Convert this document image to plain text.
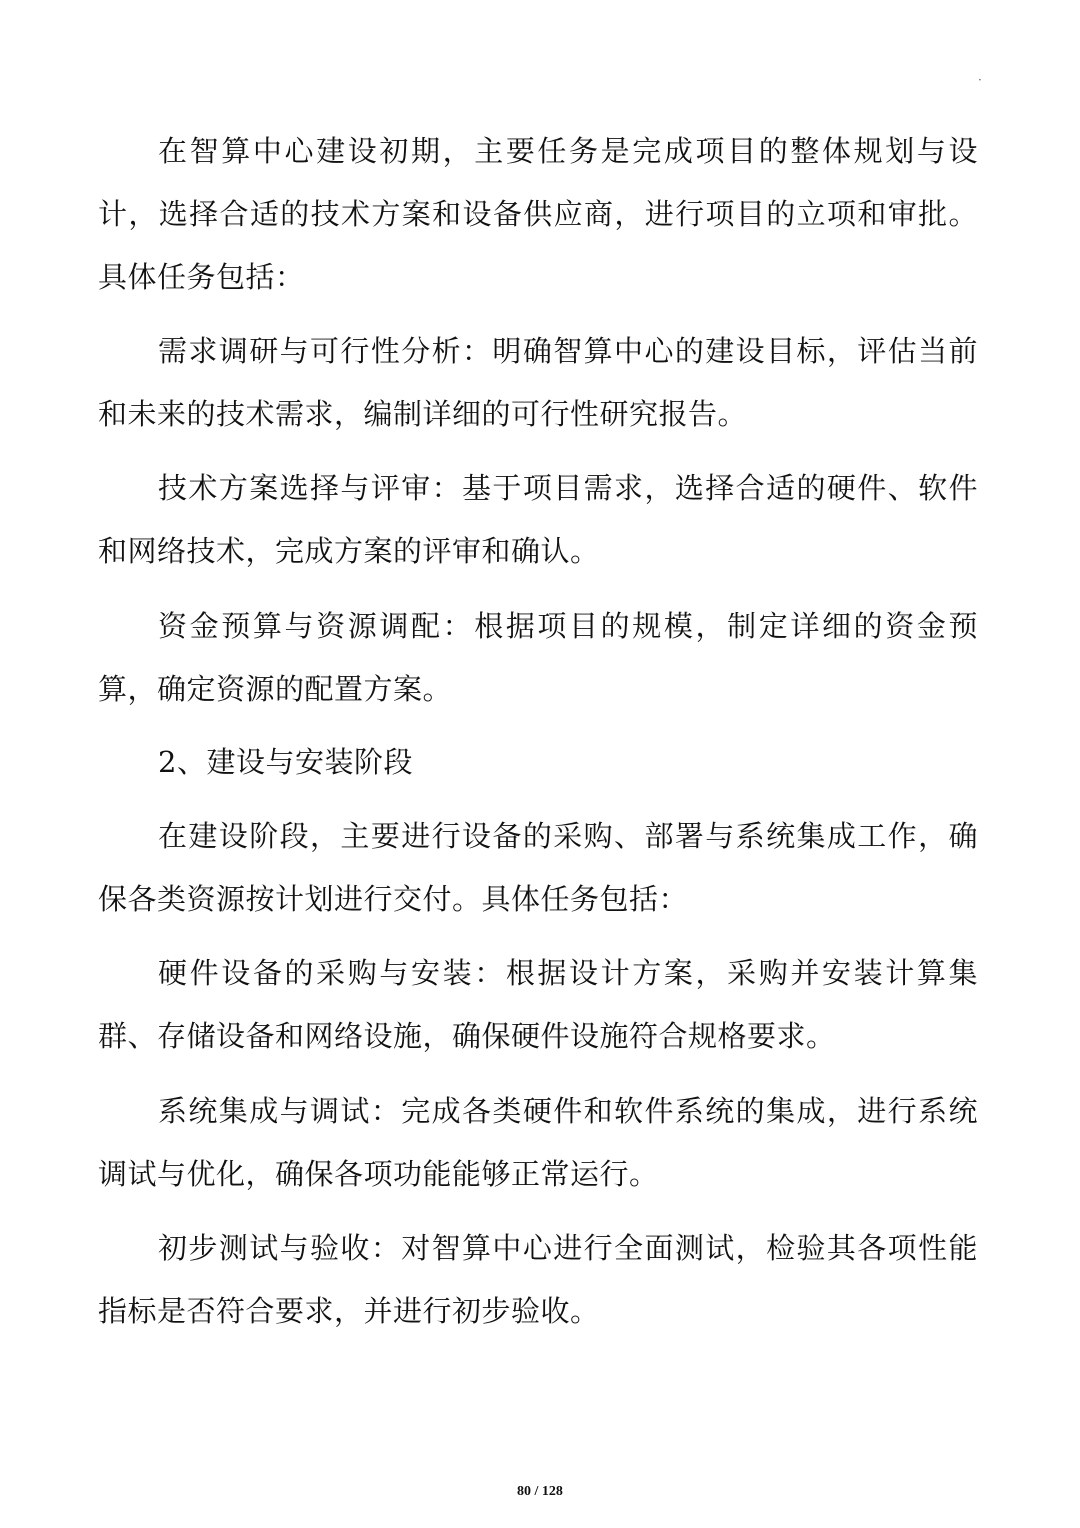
·

在智算中心建设初期，主要任务是完成项目的整体规划与设计，选择合适的技术方案和设备供应商，进行项目的立项和审批。具体任务包括：

需求调研与可行性分析：明确智算中心的建设目标，评估当前和未来的技术需求，编制详细的可行性研究报告。

技术方案选择与评审：基于项目需求，选择合适的硬件、软件和网络技术，完成方案的评审和确认。

资金预算与资源调配：根据项目的规模，制定详细的资金预算，确定资源的配置方案。

2、建设与安装阶段

在建设阶段，主要进行设备的采购、部署与系统集成工作，确保各类资源按计划进行交付。具体任务包括：

硬件设备的采购与安装：根据设计方案，采购并安装计算集群、存储设备和网络设施，确保硬件设施符合规格要求。

系统集成与调试：完成各类硬件和软件系统的集成，进行系统调试与优化，确保各项功能能够正常运行。

初步测试与验收：对智算中心进行全面测试，检验其各项性能指标是否符合要求，并进行初步验收。

80 / 128
